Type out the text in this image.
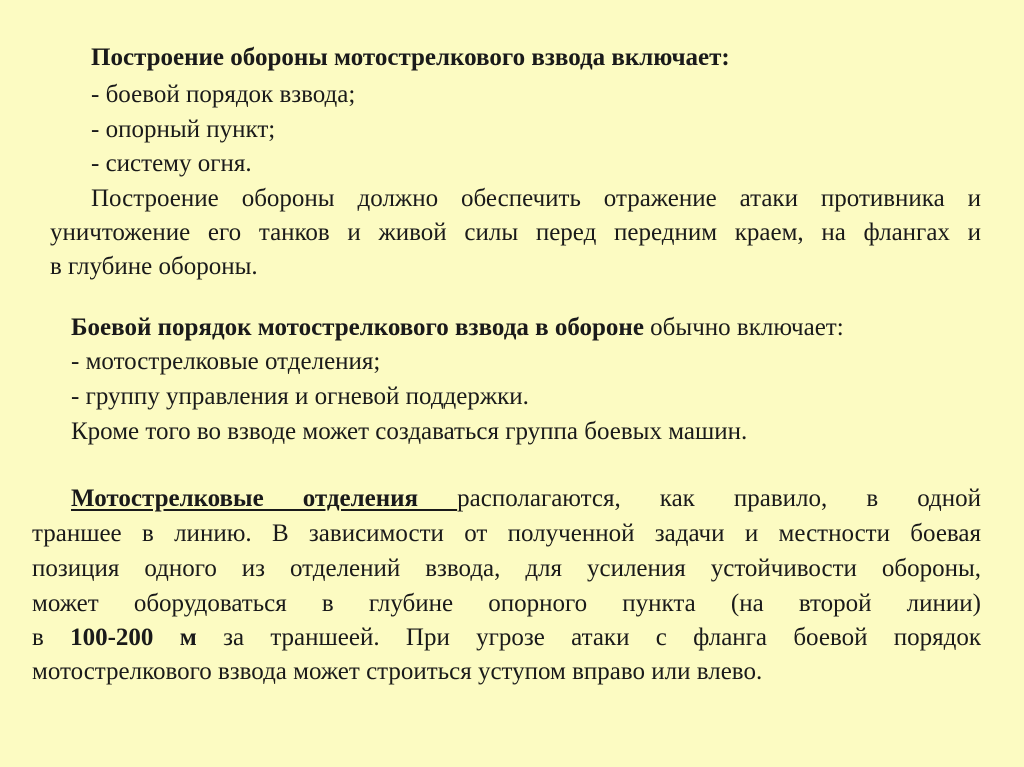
Построение обороны мотострелкового взвода включает:
- боевой порядок взвода;
- опорный пункт;
- систему огня.
Построение обороны должно обеспечить отражение атаки противника и
уничтожение его танков и живой силы перед передним краем, на флангах и
в глубине обороны.
Боевой порядок мотострелкового взвода в обороне обычно включает:
- мотострелковые отделения;
- группу управления и огневой поддержки.
Кроме того во взводе может создаваться группа боевых машин.
Мотострелковые отделения располагаются, как правило, в одной
траншее в линию. В зависимости от полученной задачи и местности боевая
позиция одного из отделений взвода, для усиления устойчивости обороны,
может оборудоваться в глубине опорного пункта (на второй линии)
в 100-200 м за траншеей. При угрозе атаки с фланга боевой порядок
мотострелкового взвода может строиться уступом вправо или влево.
